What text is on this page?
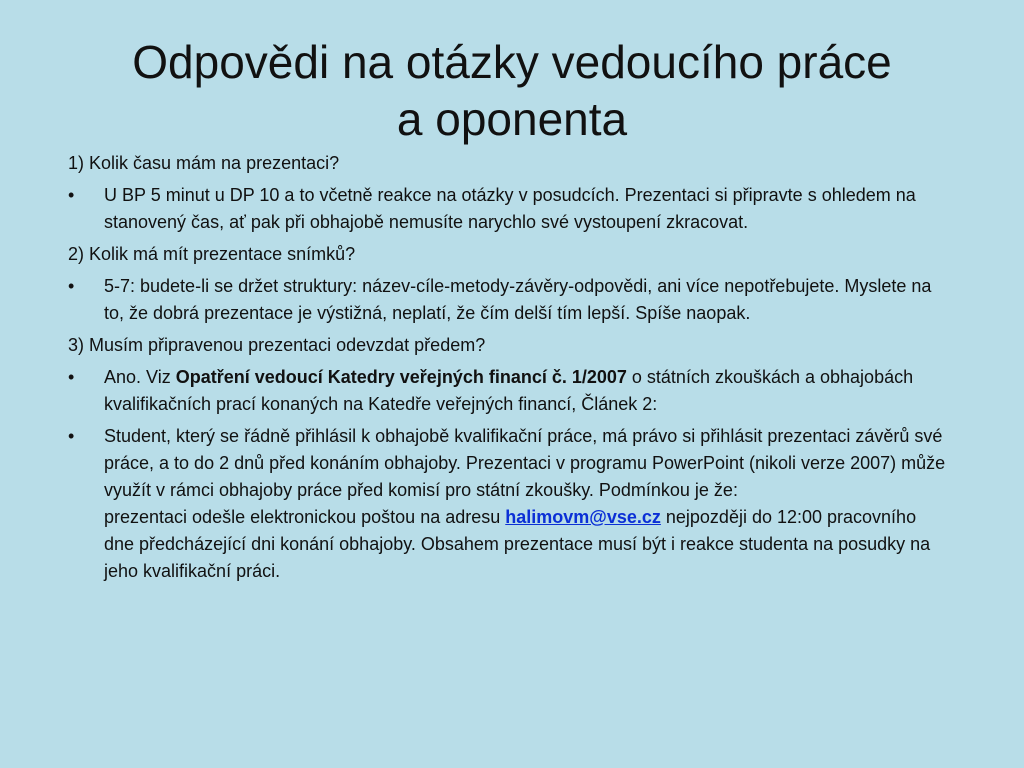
Odpovědi na otázky vedoucího práce
a oponenta

1) Kolik času mám na prezentaci?

• U BP 5 minut u DP 10 a to včetně reakce na otázky v posudcích. Prezentaci si připravte s ohledem na stanovený čas, ať pak při obhajobě nemusíte narychlo své vystoupení zkracovat.

2) Kolik má mít prezentace snímků?

• 5-7: budete-li se držet struktury: název-cíle-metody-závěry-odpovědi, ani více nepotřebujete. Myslete na to, že dobrá prezentace je výstižná, neplatí, že čím delší tím lepší. Spíše naopak.

3) Musím připravenou prezentaci odevzdat předem?

• Ano. Viz Opatření vedoucí Katedry veřejných financí č. 1/2007 o státních zkouškách a obhajobách kvalifikačních prací konaných na Katedře veřejných financí, Článek 2:
• Student, který se řádně přihlásil k obhajobě kvalifikační práce, má právo si přihlásit prezentaci závěrů své práce, a to do 2 dnů před konáním obhajoby. Prezentaci v programu PowerPoint (nikoli verze 2007) může využít v rámci obhajoby práce před komisí pro státní zkoušky. Podmínkou je že:
prezentaci odešle elektronickou poštou na adresu halimovm@vse.cz nejpozději do 12:00 pracovního dne předcházející dni konání obhajoby. Obsahem prezentace musí být i reakce studenta na posudky na jeho kvalifikační práci.
